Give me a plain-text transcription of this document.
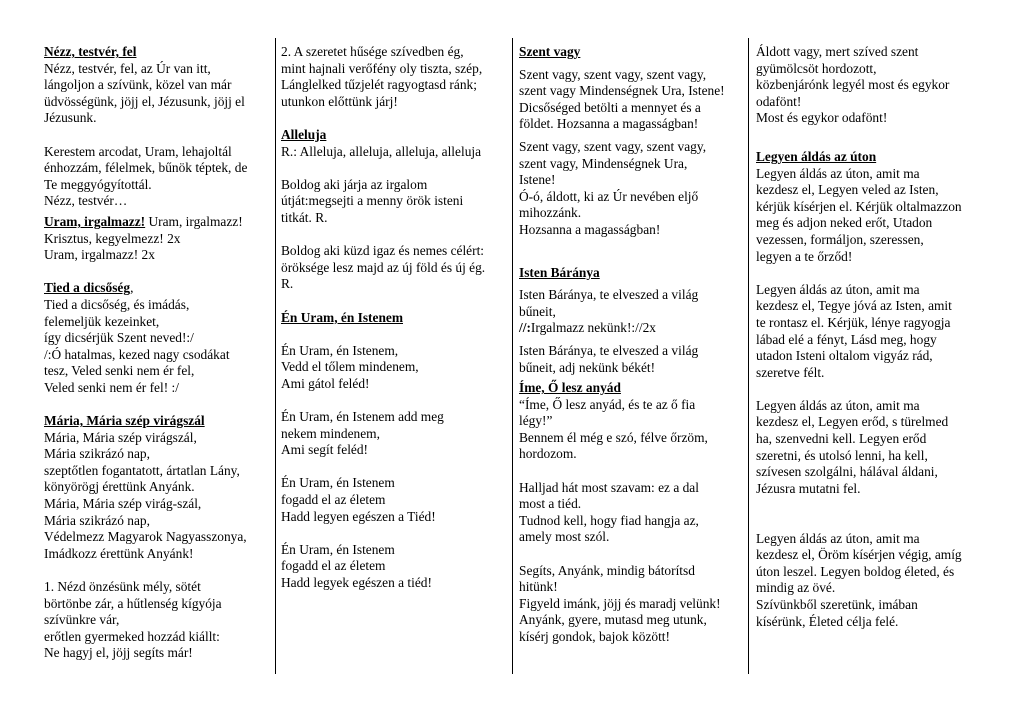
Nézz, testvér, fel
Nézz, testvér, fel, az Úr van itt,
lángoljon a szívünk, közel van már
üdvösségünk, jöjj el, Jézusunk, jöjj el
Jézusunk.
Kerestem arcodat, Uram, lehajoltál
énhozzám, félelmek, bűnök téptek, de
Te meggyógyítottál.
Nézz, testvér…
Uram, irgalmazz! Uram, irgalmazz!
Krisztus, kegyelmezz! 2x
Uram, irgalmazz! 2x
Tied a dicsőség,
Tied a dicsőség, és imádás,
felemeljük kezeinket,
így dicsérjük Szent neved!:/
/:Ó hatalmas, kezed nagy csodákat
tesz, Veled senki nem ér fel,
Veled senki nem ér fel! :/
Mária, Mária szép virágszál
Mária, Mária szép virágszál,
Mária szikrázó nap,
szeptőtlen fogantatott, ártatlan Lány,
könyörögj érettünk Anyánk.
Mária, Mária szép virág-szál,
Mária szikrázó nap,
Védelmezz Magyarok Nagyasszonya,
Imádkozz érettünk Anyánk!
1. Nézd önzésünk mély, sötét
börtönbe zár, a hűtlenség kígyója
szívünkre vár,
erőtlen gyermeked hozzád kiállt:
Ne hagyj el, jöjj segíts már!
2. A szeretet hűsége szívedben ég,
mint hajnali verőfény oly tiszta, szép,
Lánglelked tűzjelét ragyogtasd ránk;
utunkon előttünk járj!
Alleluja
R.: Alleluja, alleluja, alleluja, alleluja
Boldog aki járja az irgalom
útját:megsejti a menny örök isteni
titkát. R.
Boldog aki küzd igaz és nemes célért:
öröksége lesz majd az új föld és új ég.
R.
Én Uram, én Istenem
Én Uram, én Istenem,
Vedd el tőlem mindenem,
Ami gátol feléd!
Én Uram, én Istenem add meg
nekem mindenem,
Ami segít feléd!
Én Uram, én Istenem
fogadd el az életem
Hadd legyen egészen a Tiéd!
Én Uram, én Istenem
fogadd el az életem
Hadd legyek egészen a tiéd!
Szent vagy
Szent vagy, szent vagy, szent vagy,
szent vagy Mindenségnek Ura, Istene!
Dicsőséged betölti a mennyet és a
földet. Hozsanna a magasságban!
Szent vagy, szent vagy, szent vagy,
szent vagy, Mindenségnek Ura,
Istene!
Ó-ó, áldott, ki az Úr nevében eljő
mihozzánk.
Hozsanna a magasságban!
Isten Báránya
Isten Báránya, te elveszed a világ
bűneit,
//:Irgalmazz nekünk!://2x
Isten Báránya, te elveszed a világ
bűneit, adj nekünk békét!
Íme, Ő lesz anyád
“Íme, Ő lesz anyád, és te az ő fia
légy!”
Bennem él még e szó, félve őrzöm,
hordozom.
Halljad hát most szavam: ez a dal
most a tiéd.
Tudnod kell, hogy fiad hangja az,
amely most szól.
Segíts, Anyánk, mindig bátorítsd
hitünk!
Figyeld imánk, jöjj és maradj velünk!
Anyánk, gyere, mutasd meg utunk,
kísérj gondok, bajok között!
Áldott vagy, mert szíved szent
gyümölcsöt hordozott,
közbenjárónk legyél most és egykor
odafönt!
Most és egykor odafönt!
Legyen áldás az úton
Legyen áldás az úton, amit ma
kezdesz el, Legyen veled az Isten,
kérjük kísérjen el. Kérjük oltalmazzon
meg és adjon neked erőt, Utadon
vezessen, formáljon, szeressen,
legyen a te őrződ!
Legyen áldás az úton, amit ma
kezdesz el, Tegye jóvá az Isten, amit
te rontasz el. Kérjük, lénye ragyogja
lábad elé a fényt, Lásd meg, hogy
utadon Isteni oltalom vigyáz rád,
szeretve félt.
Legyen áldás az úton, amit ma
kezdesz el, Legyen erőd, s türelmed
ha, szenvedni kell. Legyen erőd
szeretni, és utolsó lenni, ha kell,
szívesen szolgálni, hálával áldani,
Jézusra mutatni fel.
Legyen áldás az úton, amit ma
kezdesz el, Öröm kísérjen végig, amíg
úton leszel. Legyen boldog életed, és
mindig az övé.
Szívünkből szeretünk, imában
kísérünk, Életed célja felé.
